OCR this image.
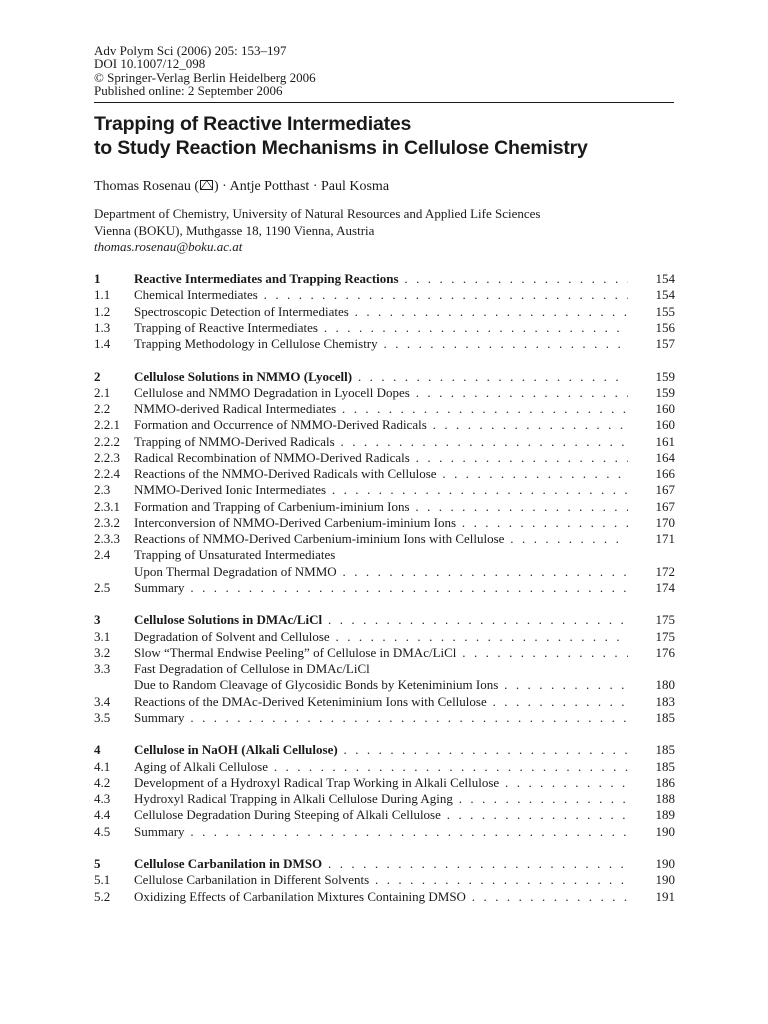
Adv Polym Sci (2006) 205: 153–197
DOI 10.1007/12_098
© Springer-Verlag Berlin Heidelberg 2006
Published online: 2 September 2006
Trapping of Reactive Intermediates
to Study Reaction Mechanisms in Cellulose Chemistry
Thomas Rosenau ( ) · Antje Potthast · Paul Kosma
Department of Chemistry, University of Natural Resources and Applied Life Sciences
Vienna (BOKU), Muthgasse 18, 1190 Vienna, Austria
thomas.rosenau@boku.ac.at
1	Reactive Intermediates and Trapping Reactions . . .	154
1.1 Chemical Intermediates . . .	154
1.2 Spectroscopic Detection of Intermediates . . .	155
1.3 Trapping of Reactive Intermediates . . .	156
1.4 Trapping Methodology in Cellulose Chemistry . . .	157
2	Cellulose Solutions in NMMO (Lyocell) . . .	159
2.1 Cellulose and NMMO Degradation in Lyocell Dopes . . .	159
2.2 NMMO-derived Radical Intermediates . . .	160
2.2.1 Formation and Occurrence of NMMO-Derived Radicals . . .	160
2.2.2 Trapping of NMMO-Derived Radicals . . .	161
2.2.3 Radical Recombination of NMMO-Derived Radicals . . .	164
2.2.4 Reactions of the NMMO-Derived Radicals with Cellulose . . .	166
2.3 NMMO-Derived Ionic Intermediates . . .	167
2.3.1 Formation and Trapping of Carbenium-iminium Ions . . .	167
2.3.2 Interconversion of NMMO-Derived Carbenium-iminium Ions . . .	170
2.3.3 Reactions of NMMO-Derived Carbenium-iminium Ions with Cellulose . . .	171
2.4 Trapping of Unsaturated Intermediates
Upon Thermal Degradation of NMMO . . .	172
2.5 Summary . . .	174
3	Cellulose Solutions in DMAc/LiCl . . .	175
3.1 Degradation of Solvent and Cellulose . . .	175
3.2 Slow “Thermal Endwise Peeling” of Cellulose in DMAc/LiCl . . .	176
3.3 Fast Degradation of Cellulose in DMAc/LiCl
Due to Random Cleavage of Glycosidic Bonds by Keteniminium Ions . . .	180
3.4 Reactions of the DMAc-Derived Keteniminium Ions with Cellulose . . .	183
3.5 Summary . . .	185
4	Cellulose in NaOH (Alkali Cellulose) . . .	185
4.1 Aging of Alkali Cellulose . . .	185
4.2 Development of a Hydroxyl Radical Trap Working in Alkali Cellulose . . .	186
4.3 Hydroxyl Radical Trapping in Alkali Cellulose During Aging . . .	188
4.4 Cellulose Degradation During Steeping of Alkali Cellulose . . .	189
4.5 Summary . . .	190
5	Cellulose Carbanilation in DMSO . . .	190
5.1 Cellulose Carbanilation in Different Solvents . . .	190
5.2 Oxidizing Effects of Carbanilation Mixtures Containing DMSO . . .	191
